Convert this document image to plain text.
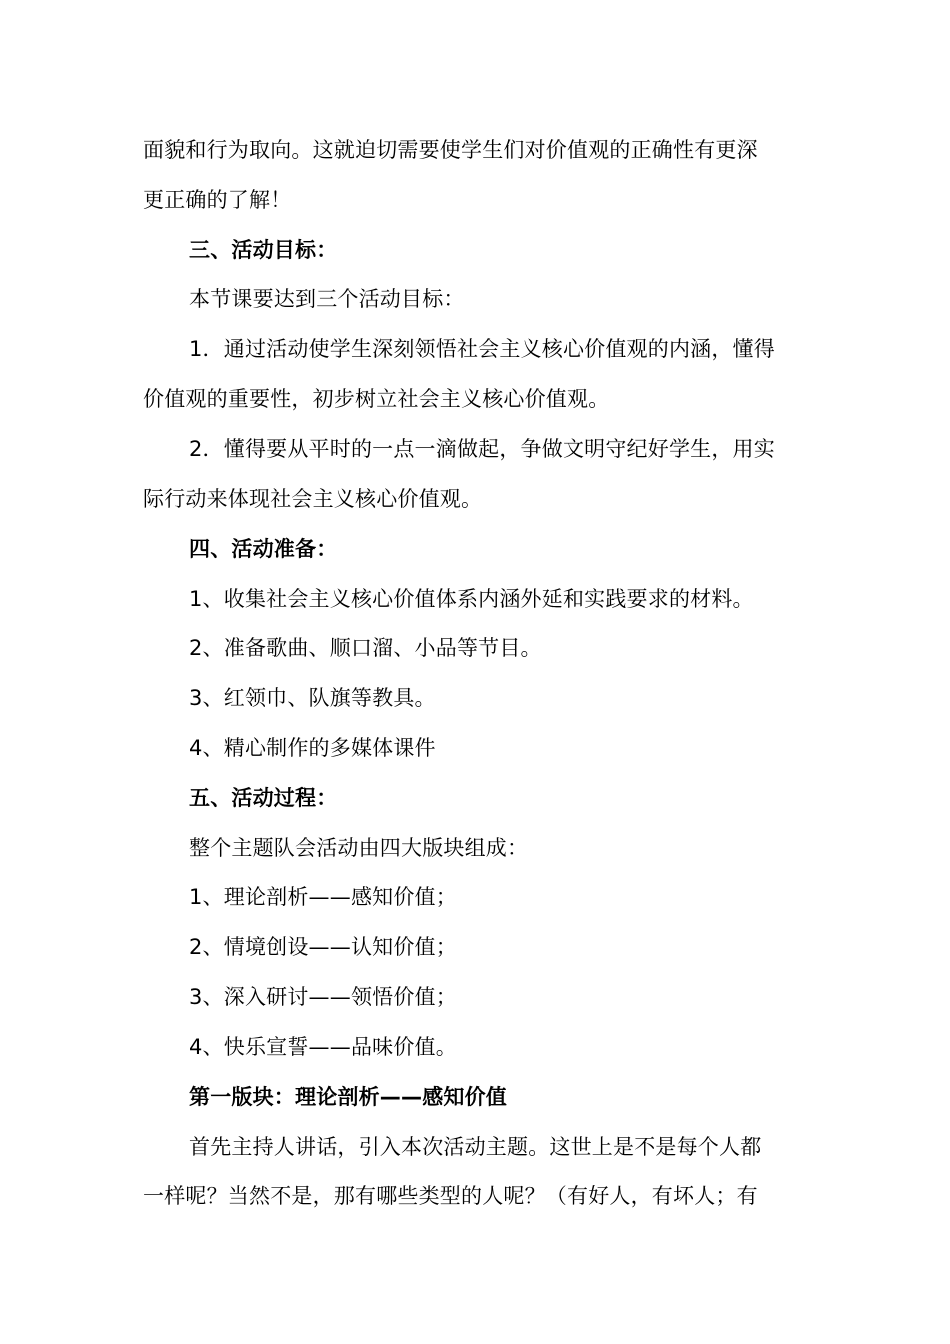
面貌和行为取向。这就迫切需要使学生们对价值观的正确性有更深
更正确的了解！
三、活动目标：
本节课要达到三个活动目标：
1．通过活动使学生深刻领悟社会主义核心价值观的内涵，懂得
价值观的重要性，初步树立社会主义核心价值观。
2．懂得要从平时的一点一滴做起，争做文明守纪好学生，用实
际行动来体现社会主义核心价值观。
四、活动准备：
1、收集社会主义核心价值体系内涵外延和实践要求的材料。
2、准备歌曲、顺口溜、小品等节目。
3、红领巾、队旗等教具。
4、精心制作的多媒体课件
五、活动过程：
整个主题队会活动由四大版块组成：
1、理论剖析——感知价值；
2、情境创设——认知价值；
3、深入研讨——领悟价值；
4、快乐宣誓——品味价值。
第一版块：理论剖析——感知价值
首先主持人讲话，引入本次活动主题。这世上是不是每个人都
一样呢？当然不是，那有哪些类型的人呢？（有好人，有坏人；有
